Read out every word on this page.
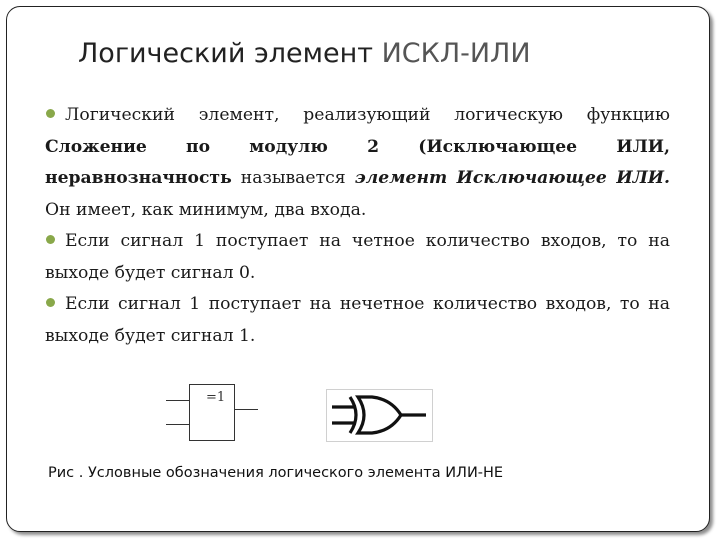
Логический элемент ИСКЛ-ИЛИ

Логический элемент, реализующий логическую функцию Сложение по модулю 2 (Исключающее ИЛИ, неравнозначность называется элемент Исключающее ИЛИ. Он имеет, как минимум, два входа.

Если сигнал 1 поступает на четное количество входов, то на выходе будет сигнал 0.

Если сигнал 1 поступает на нечетное количество входов, то на выходе будет сигнал 1.

=1
Рис . Условные обозначения логического элемента ИЛИ-НЕ
